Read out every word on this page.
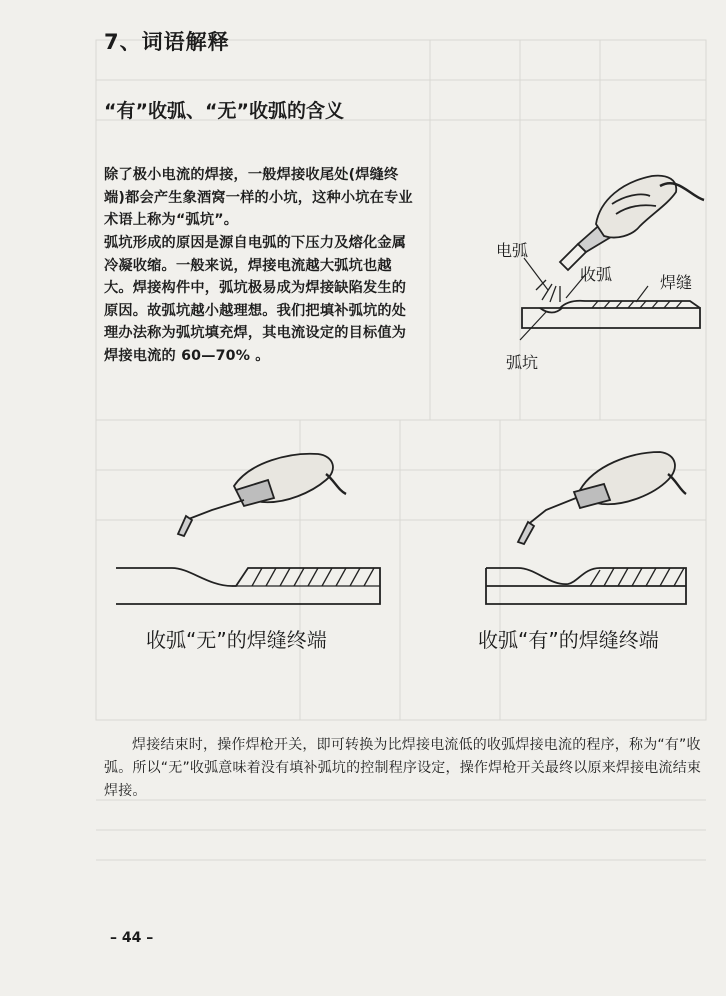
7、词语解释
“有”收弧、“无”收弧的含义
除了极小电流的焊接，一般焊接收尾处(焊缝终端)都会产生象酒窝一样的小坑，这种小坑在专业术语上称为“弧坑”。
弧坑形成的原因是源自电弧的下压力及熔化金属冷凝收缩。一般来说，焊接电流越大弧坑也越大。焊接构件中，弧坑极易成为焊接缺陷发生的原因。故弧坑越小越理想。我们把填补弧坑的处理办法称为弧坑填充焊，其电流设定的目标值为焊接电流的 60—70% 。
电弧
收弧	焊缝
弧坑
收弧“无”的焊缝终端	收弧“有”的焊缝终端
焊接结束时，操作焊枪开关，即可转换为比焊接电流低的收弧焊接电流的程序，称为“有”收弧。所以“无”收弧意味着没有填补弧坑的控制程序设定，操作焊枪开关最终以原来焊接电流结束焊接。
– 44 –
